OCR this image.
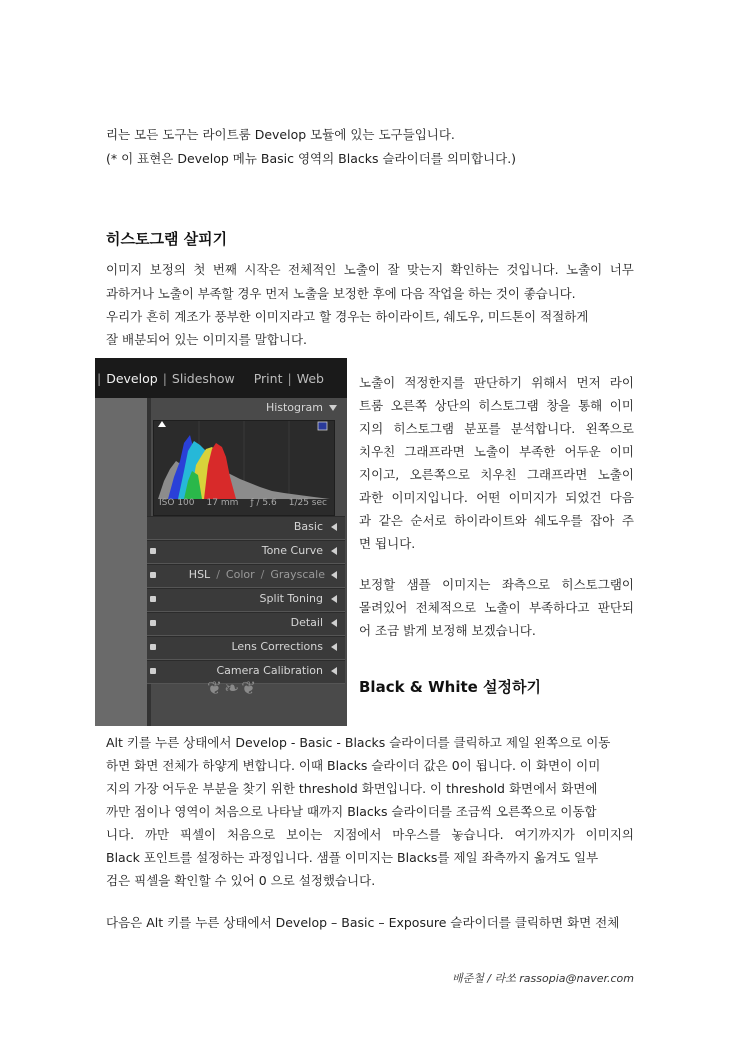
리는 모든 도구는 라이트룸 Develop 모듈에 있는 도구들입니다.
(* 이 표현은 Develop 메뉴 Basic 영역의 Blacks 슬라이더를 의미합니다.)
히스토그램 살피기
이미지 보정의 첫 번째 시작은 전체적인 노출이 잘 맞는지 확인하는 것입니다. 노출이 너무
과하거나 노출이 부족할 경우 먼저 노출을 보정한 후에 다음 작업을 하는 것이 좋습니다.
우리가 흔히 계조가 풍부한 이미지라고 할 경우는 하이라이트, 쉐도우, 미드톤이 적절하게
잘 배분되어 있는 이미지를 말합니다.
| Develop | Slideshow	Print | Web
Histogram
ISO 100 17 mm ƒ / 5.6 1/25 sec
Basic
Tone Curve
HSL / Color / Grayscale
Split Toning
Detail
Lens Corrections
Camera Calibration
❦❧❦
노출이 적정한지를 판단하기 위해서 먼저 라이
트룸 오른쪽 상단의 히스토그램 창을 통해 이미
지의 히스토그램 분포를 분석합니다. 왼쪽으로
치우친 그래프라면 노출이 부족한 어두운 이미
지이고, 오른쪽으로 치우친 그래프라면 노출이
과한 이미지입니다. 어떤 이미지가 되었건 다음
과 같은 순서로 하이라이트와 쉐도우를 잡아 주
면 됩니다.
보정할 샘플 이미지는 좌측으로 히스토그램이
몰려있어 전체적으로 노출이 부족하다고 판단되
어 조금 밝게 보정해 보겠습니다.
Black & White 설정하기
Alt 키를 누른 상태에서 Develop - Basic - Blacks 슬라이더를 클릭하고 제일 왼쪽으로 이동
하면 화면 전체가 하얗게 변합니다. 이때 Blacks 슬라이더 값은 0이 됩니다. 이 화면이 이미
지의 가장 어두운 부분을 찾기 위한 threshold 화면입니다. 이 threshold 화면에서 화면에
까만 점이나 영역이 처음으로 나타날 때까지 Blacks 슬라이더를 조금씩 오른쪽으로 이동합
니다. 까만 픽셀이 처음으로 보이는 지점에서 마우스를 놓습니다. 여기까지가 이미지의
Black 포인트를 설정하는 과정입니다. 샘플 이미지는 Blacks를 제일 좌측까지 옮겨도 일부
검은 픽셀을 확인할 수 있어 0 으로 설정했습니다.
다음은 Alt 키를 누른 상태에서 Develop – Basic – Exposure 슬라이더를 클릭하면 화면 전체
배준철 / 라쏘 rassopia@naver.com
